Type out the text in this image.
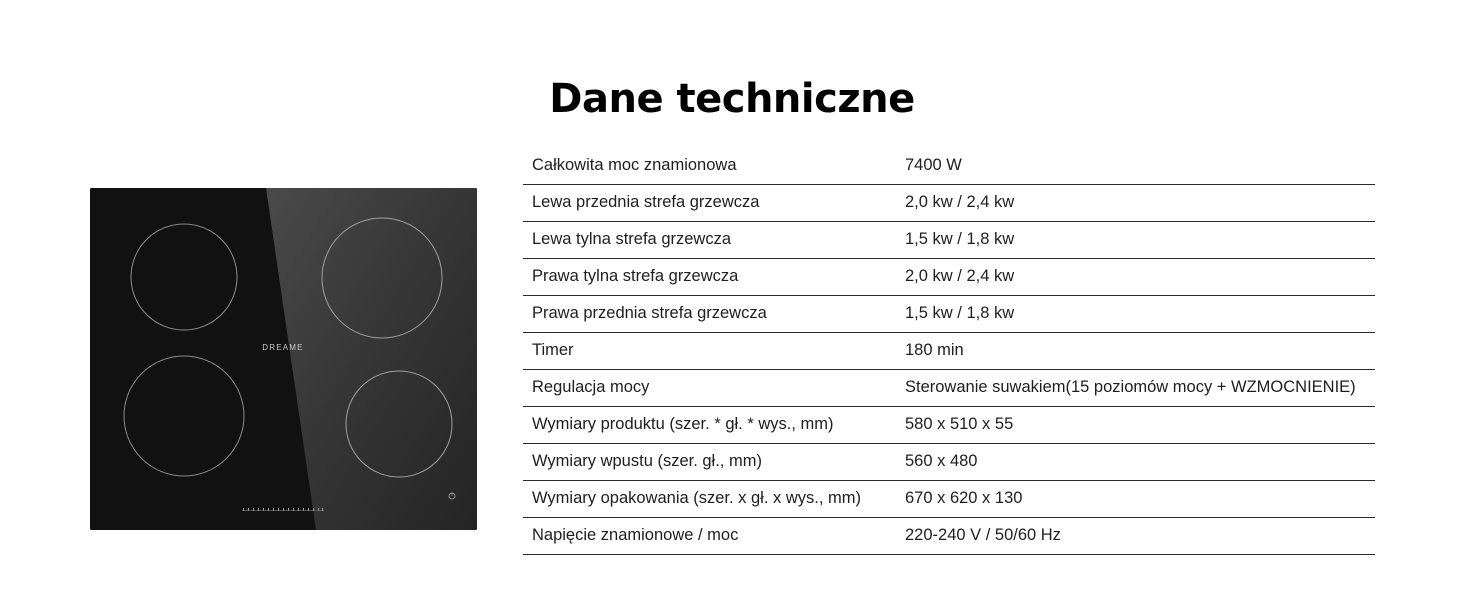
Dane techniczne
DREAME
Całkowita moc znamionowa	7400 W
Lewa przednia strefa grzewcza	2,0 kw / 2,4 kw
Lewa tylna strefa grzewcza	1,5 kw / 1,8 kw
Prawa tylna strefa grzewcza	2,0 kw / 2,4 kw
Prawa przednia strefa grzewcza	1,5 kw / 1,8 kw
Timer	180 min
Regulacja mocy	Sterowanie suwakiem(15 poziomów mocy + WZMOCNIENIE)
Wymiary produktu (szer. * gł. * wys., mm)	580 x 510 x 55
Wymiary wpustu (szer. gł., mm)	560 x 480
Wymiary opakowania (szer. x gł. x wys., mm)	670 x 620 x 130
Napięcie znamionowe / moc	220-240 V / 50/60 Hz
